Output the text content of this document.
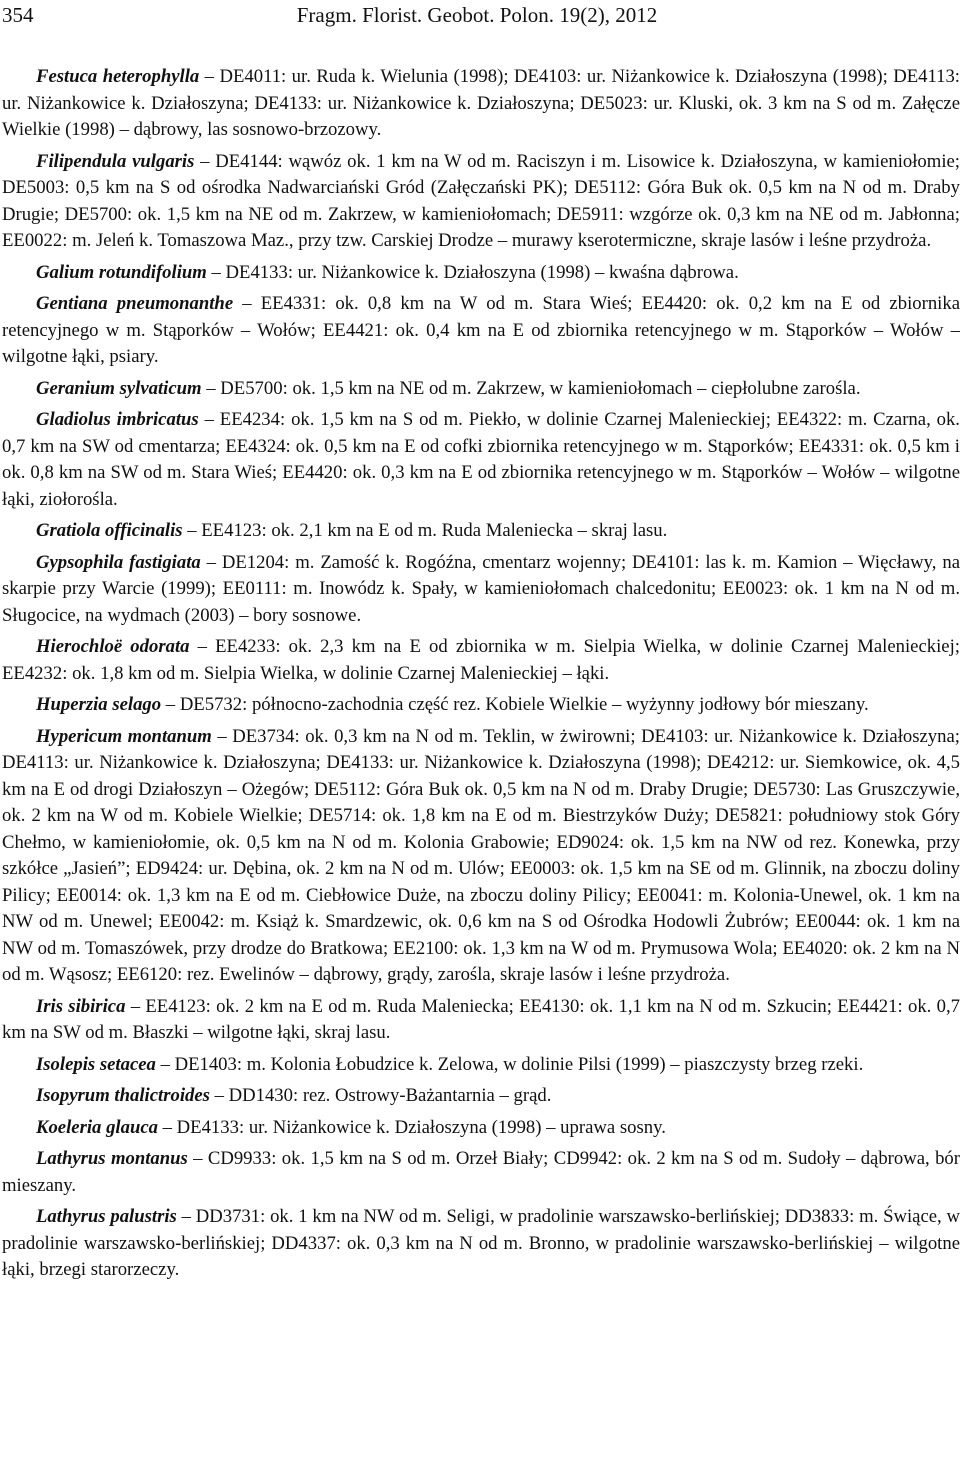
354	Fragm. Florist. Geobot. Polon. 19(2), 2012

Festuca heterophylla – DE4011: ur. Ruda k. Wielunia (1998); DE4103: ur. Niżankowice k. Działoszyna (1998); DE4113: ur. Niżankowice k. Działoszyna; DE4133: ur. Niżankowice k. Działoszyna; DE5023: ur. Kluski, ok. 3 km na S od m. Załęcze Wielkie (1998) – dąbrowy, las sosnowo-brzozowy.

Filipendula vulgaris – DE4144: wąwóz ok. 1 km na W od m. Raciszyn i m. Lisowice k. Działoszyna, w kamieniołomie; DE5003: 0,5 km na S od ośrodka Nadwarciański Gród (Załęczański PK); DE5112: Góra Buk ok. 0,5 km na N od m. Draby Drugie; DE5700: ok. 1,5 km na NE od m. Zakrzew, w kamieniołomach; DE5911: wzgórze ok. 0,3 km na NE od m. Jabłonna; EE0022: m. Jeleń k. Tomaszowa Maz., przy tzw. Carskiej Drodze – murawy kserotermiczne, skraje lasów i leśne przydroża.

Galium rotundifolium – DE4133: ur. Niżankowice k. Działoszyna (1998) – kwaśna dąbrowa.

Gentiana pneumonanthe – EE4331: ok. 0,8 km na W od m. Stara Wieś; EE4420: ok. 0,2 km na E od zbiornika retencyjnego w m. Stąporków – Wołów; EE4421: ok. 0,4 km na E od zbiornika retencyjnego w m. Stąporków – Wołów – wilgotne łąki, psiary.

Geranium sylvaticum – DE5700: ok. 1,5 km na NE od m. Zakrzew, w kamieniołomach – ciepłolubne zarośla.

Gladiolus imbricatus – EE4234: ok. 1,5 km na S od m. Piekło, w dolinie Czarnej Malenieckiej; EE4322: m. Czarna, ok. 0,7 km na SW od cmentarza; EE4324: ok. 0,5 km na E od cofki zbiornika retencyjnego w m. Stąporków; EE4331: ok. 0,5 km i ok. 0,8 km na SW od m. Stara Wieś; EE4420: ok. 0,3 km na E od zbiornika retencyjnego w m. Stąporków – Wołów – wilgotne łąki, ziołorośla.

Gratiola officinalis – EE4123: ok. 2,1 km na E od m. Ruda Maleniecka – skraj lasu.

Gypsophila fastigiata – DE1204: m. Zamość k. Rogóźna, cmentarz wojenny; DE4101: las k. m. Kamion – Więcławy, na skarpie przy Warcie (1999); EE0111: m. Inowódz k. Spały, w kamieniołomach chalcedonitu; EE0023: ok. 1 km na N od m. Sługocice, na wydmach (2003) – bory sosnowe.

Hierochloë odorata – EE4233: ok. 2,3 km na E od zbiornika w m. Sielpia Wielka, w dolinie Czarnej Malenieckiej; EE4232: ok. 1,8 km od m. Sielpia Wielka, w dolinie Czarnej Malenieckiej – łąki.

Huperzia selago – DE5732: północno-zachodnia część rez. Kobiele Wielkie – wyżynny jodłowy bór mieszany.

Hypericum montanum – DE3734: ok. 0,3 km na N od m. Teklin, w żwirowni; DE4103: ur. Niżankowice k. Działoszyna; DE4113: ur. Niżankowice k. Działoszyna; DE4133: ur. Niżankowice k. Działoszyna (1998); DE4212: ur. Siemkowice, ok. 4,5 km na E od drogi Działoszyn – Ożegów; DE5112: Góra Buk ok. 0,5 km na N od m. Draby Drugie; DE5730: Las Gruszczywie, ok. 2 km na W od m. Kobiele Wielkie; DE5714: ok. 1,8 km na E od m. Biestrzyków Duży; DE5821: południowy stok Góry Chełmo, w kamieniołomie, ok. 0,5 km na N od m. Kolonia Grabowie; ED9024: ok. 1,5 km na NW od rez. Konewka, przy szkółce „Jasień”; ED9424: ur. Dębina, ok. 2 km na N od m. Ulów; EE0003: ok. 1,5 km na SE od m. Glinnik, na zboczu doliny Pilicy; EE0014: ok. 1,3 km na E od m. Ciebłowice Duże, na zboczu doliny Pilicy; EE0041: m. Kolonia-Unewel, ok. 1 km na NW od m. Unewel; EE0042: m. Książ k. Smardzewic, ok. 0,6 km na S od Ośrodka Hodowli Żubrów; EE0044: ok. 1 km na NW od m. Tomaszówek, przy drodze do Bratkowa; EE2100: ok. 1,3 km na W od m. Prymusowa Wola; EE4020: ok. 2 km na N od m. Wąsosz; EE6120: rez. Ewelinów – dąbrowy, grądy, zarośla, skraje lasów i leśne przydroża.

Iris sibirica – EE4123: ok. 2 km na E od m. Ruda Maleniecka; EE4130: ok. 1,1 km na N od m. Szkucin; EE4421: ok. 0,7 km na SW od m. Błaszki – wilgotne łąki, skraj lasu.

Isolepis setacea – DE1403: m. Kolonia Łobudzice k. Zelowa, w dolinie Pilsi (1999) – piaszczysty brzeg rzeki.

Isopyrum thalictroides – DD1430: rez. Ostrowy-Bażantarnia – grąd.

Koeleria glauca – DE4133: ur. Niżankowice k. Działoszyna (1998) – uprawa sosny.

Lathyrus montanus – CD9933: ok. 1,5 km na S od m. Orzeł Biały; CD9942: ok. 2 km na S od m. Sudoły – dąbrowa, bór mieszany.

Lathyrus palustris – DD3731: ok. 1 km na NW od m. Seligi, w pradolinie warszawsko-berlińskiej; DD3833: m. Świące, w pradolinie warszawsko-berlińskiej; DD4337: ok. 0,3 km na N od m. Bronno, w pradolinie warszawsko-berlińskiej – wilgotne łąki, brzegi starorzeczy.
